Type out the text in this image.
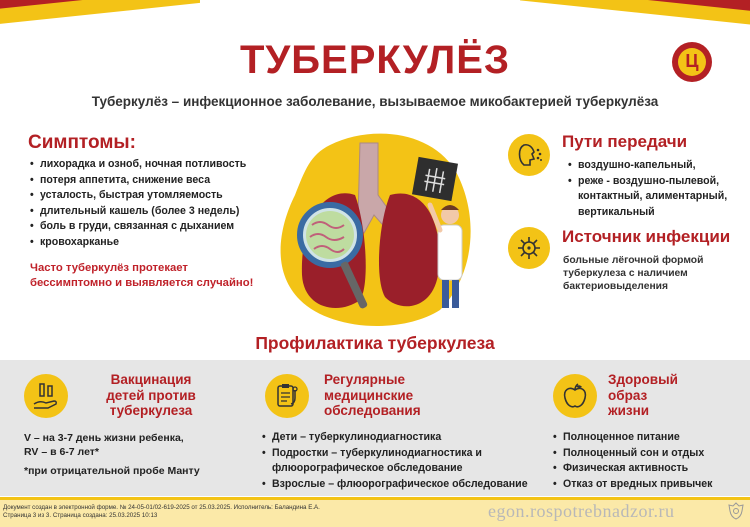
ТУБЕРКУЛЁЗ
Туберкулёз – инфекционное заболевание, вызываемое микобактерией туберкулёза
Ц
Симптомы:
• лихорадка и озноб, ночная потливость
• потеря аппетита, снижение веса
• усталость, быстрая утомляемость
• длительный кашель (более 3 недель)
• боль в груди, связанная с дыханием
• кровохарканье
Часто туберкулёз протекает
бессимптомно и выявляется случайно!
Пути передачи
• воздушно-капельный,
• реже - воздушно-пылевой, контактный, алиментарный, вертикальный
Источник инфекции
больные лёгочной формой туберкулеза с наличием бактериовыделения
Профилактика туберкулеза
Вакцинация
детей против
туберкулеза
V – на 3-7 день жизни ребенка,
RV – в 6-7 лет*
*при отрицательной пробе Манту
Регулярные
медицинские
обследования
• Дети – туберкулинодиагностика
• Подростки – туберкулинодиагностика и флюорографическое обследование
• Взрослые – флюорографическое обследование
Здоровый
образ
жизни
• Полноценное питание
• Полноценный сон и отдых
• Физическая активность
• Отказ от вредных привычек
Документ создан в электронной форме. № 24-05-01/02-619-2025 от 25.03.2025. Исполнитель: Баландина Е.А.
Страница 3 из 3. Страница создана: 25.03.2025 10:13	egon.rospotrebnadzor.ru
